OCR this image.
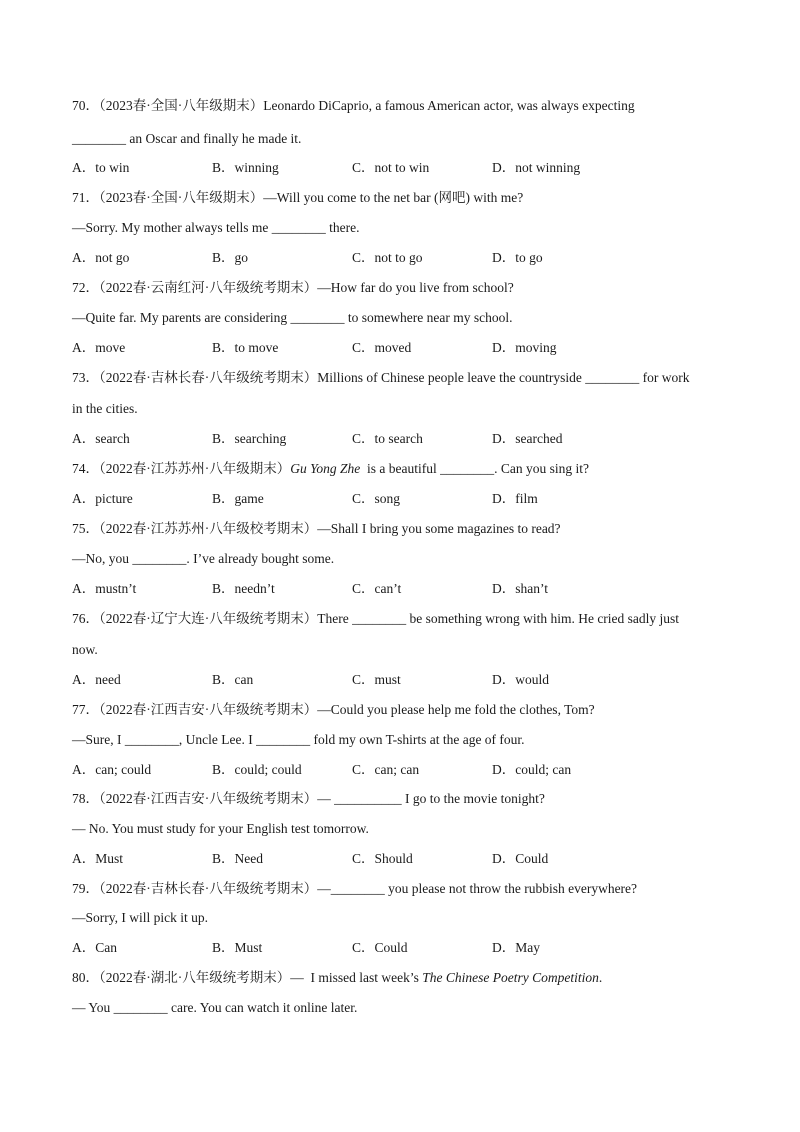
70．（2023春·全国·八年级期末）Leonardo DiCaprio, a famous American actor, was always expecting
________ an Oscar and finally he made it.
A．to win	B．winning	C．not to win	D．not winning
71．（2023春·全国·八年级期末）—Will you come to the net bar (网吧) with me?
—Sorry. My mother always tells me ________ there.
A．not go	B．go	C．not to go	D．to go
72．（2022春·云南红河·八年级统考期末）—How far do you live from school?
—Quite far. My parents are considering ________ to somewhere near my school.
A．move	B．to move	C．moved	D．moving
73．（2022春·吉林长春·八年级统考期末）Millions of Chinese people leave the countryside ________ for work
in the cities.
A．search	B．searching	C．to search	D．searched
74．（2022春·江苏苏州·八年级期末）Gu Yong Zhe  is a beautiful ________. Can you sing it?
A．picture	B．game	C．song	D．film
75．（2022春·江苏苏州·八年级校考期末）—Shall I bring you some magazines to read?
—No, you ________. I’ve already bought some.
A．mustn’t	B．needn’t	C．can’t	D．shan’t
76．（2022春·辽宁大连·八年级统考期末）There ________ be something wrong with him. He cried sadly just
now.
A．need	B．can	C．must	D．would
77．（2022春·江西吉安·八年级统考期末）—Could you please help me fold the clothes, Tom?
—Sure, I ________, Uncle Lee. I ________ fold my own T-shirts at the age of four.
A．can; could	B．could; could	C．can; can	D．could; can
78．（2022春·江西吉安·八年级统考期末）— __________ I go to the movie tonight?
— No. You must study for your English test tomorrow.
A．Must	B．Need	C．Should	D．Could
79．（2022春·吉林长春·八年级统考期末）—________ you please not throw the rubbish everywhere?
—Sorry, I will pick it up.
A．Can	B．Must	C．Could	D．May
80．（2022春·湖北·八年级统考期末）—  I missed last week’s The Chinese Poetry Competition.
— You ________ care. You can watch it online later.
